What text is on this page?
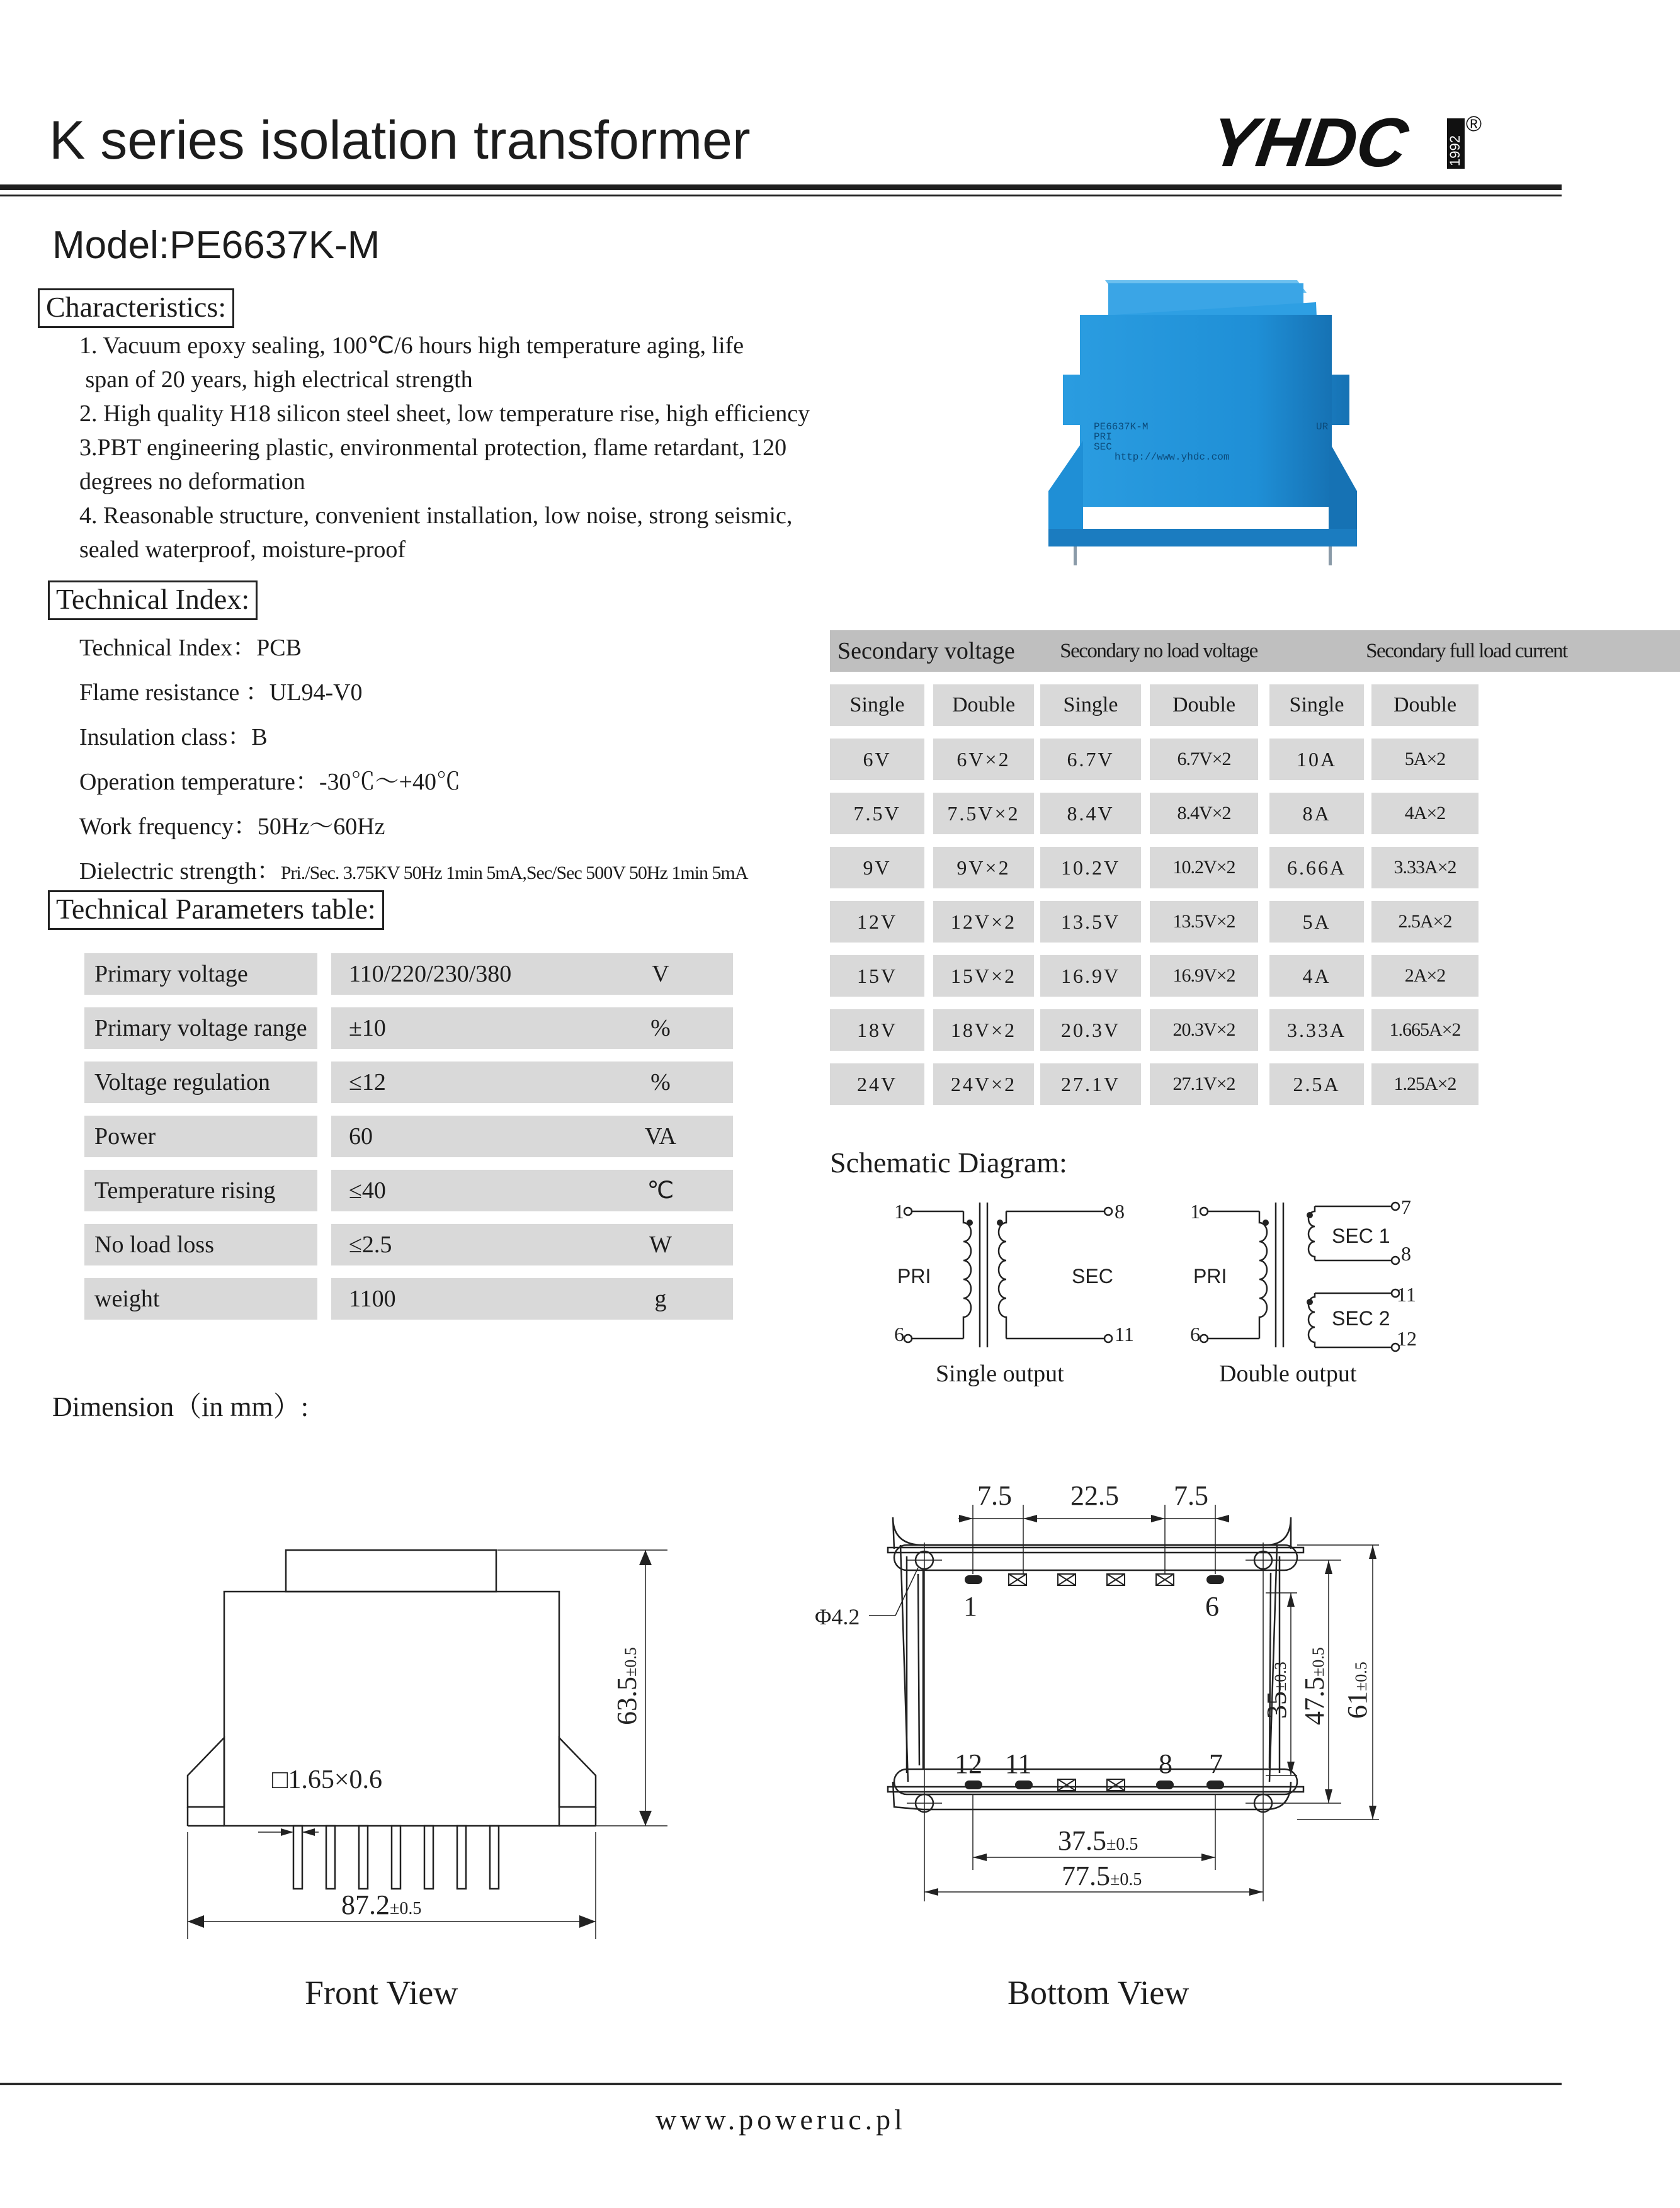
K series isolation transformer	YHDC 1992
®
Model:PE6637K-M
Characteristics:
1. Vacuum epoxy sealing, 100℃/6 hours high temperature aging, life
span of 20 years, high electrical strength
2. High quality H18 silicon steel sheet, low temperature rise, high efficiency
3.PBT engineering plastic, environmental protection, flame retardant, 120
degrees no deformation
4. Reasonable structure, convenient installation, low noise, strong seismic,
sealed waterproof, moisture-proof
PE6637K-M
PRI
SEC
http://www.yhdc.com
UR
Technical Index:
Technical Index：PCB
Flame resistance ：UL94-V0
Insulation class：B
Operation temperature：-30℃～+40℃
Work frequency：50Hz～60Hz
Dielectric strength：Pri./Sec. 3.75KV 50Hz 1min 5mA,Sec/Sec 500V 50Hz 1min 5mA
Technical Parameters table:
Primary voltage	110/220/230/380	V
Primary voltage range	±10	%
Voltage regulation	≤12	%
Power	60	VA
Temperature rising	≤40	℃
No load loss	≤2.5	W
weight	1100	g
Secondary voltage	Secondary no load voltage	Secondary full load current
Single	Double	Single	Double	Single	Double
6V	6V×2	6.7V	6.7V×2	10A	5A×2
7.5V	7.5V×2	8.4V	8.4V×2	8A	4A×2
9V	9V×2	10.2V	10.2V×2	6.66A	3.33A×2
12V	12V×2	13.5V	13.5V×2	5A	2.5A×2
15V	15V×2	16.9V	16.9V×2	4A	2A×2
18V	18V×2	20.3V	20.3V×2	3.33A	1.665A×2
24V	24V×2	27.1V	27.1V×2	2.5A	1.25A×2
Schematic Diagram:
1
6
8
11
PRI	SEC
1
6
7
8
11
12
PRI
SEC 1
SEC 2
Single output	Double output
Dimension（in mm）:
63.5±0.5
87.2±0.5
□1.65×0.6
Front View
7.5 22.5 7.5
Φ4.2	1	6
12 11	8 7
35±0.3
47.5±0.5
61±0.5
37.5±0.5
77.5±0.5
Bottom View
www.poweruc.pl
